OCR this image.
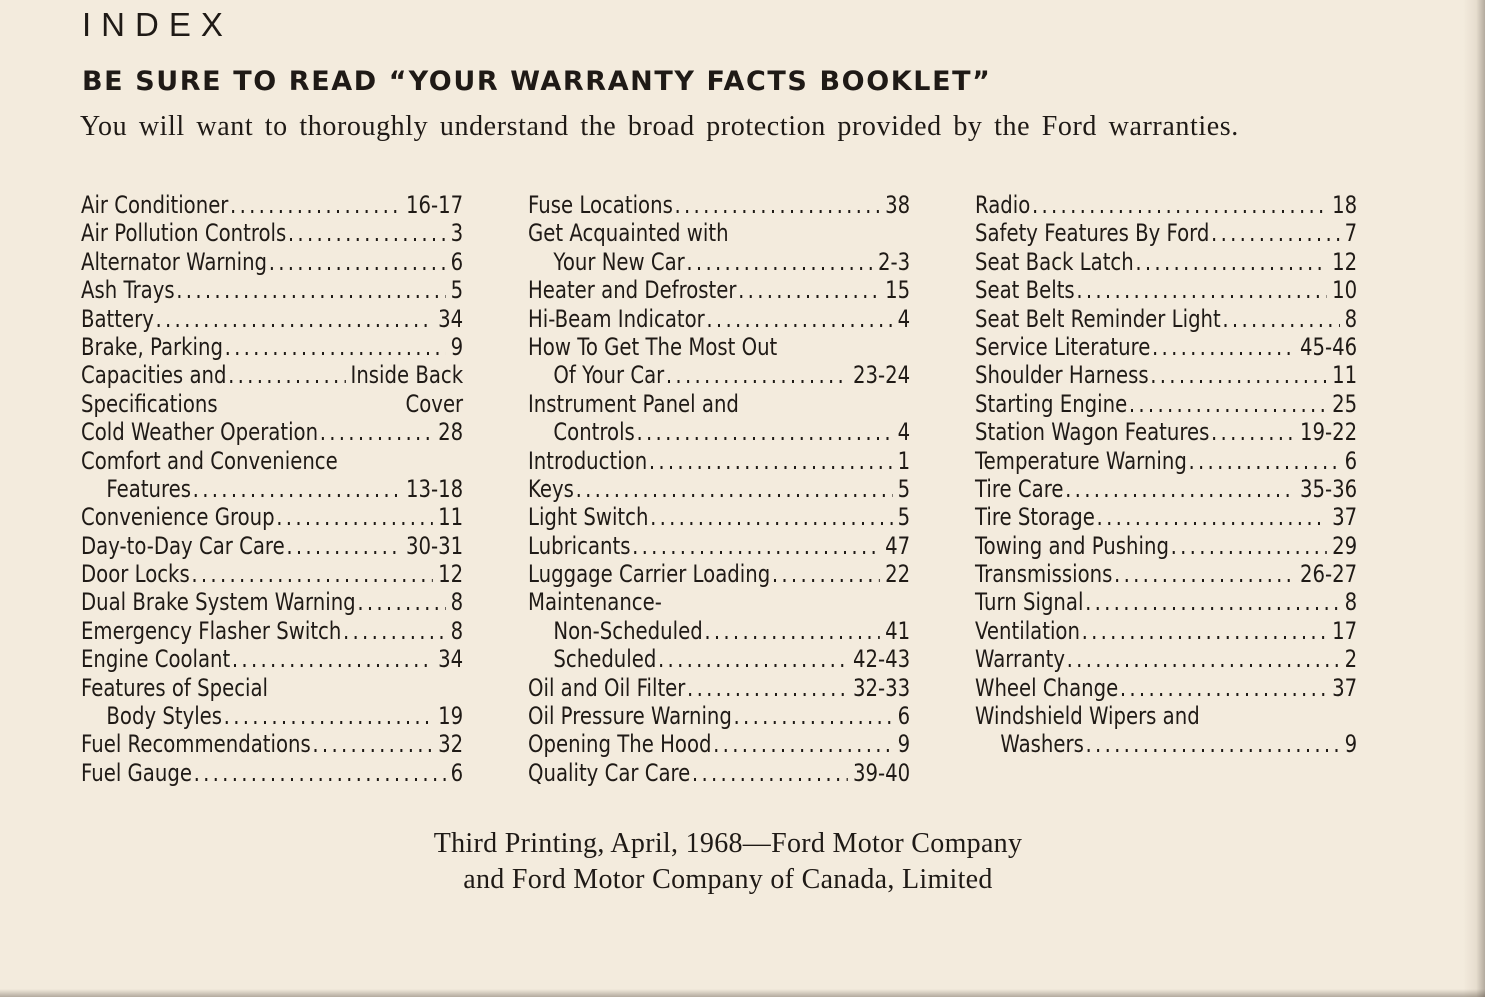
INDEX
BE SURE TO READ “YOUR WARRANTY FACTS BOOKLET”

You will want to thoroughly understand the broad protection provided by the Ford warranties.

Air Conditioner .....	16-17
Air Pollution Controls .....	3
Alternator Warning .....	6
Ash Trays .....	5
Battery .....	34
Brake, Parking .....	9
Capacities and .....	Inside Back
Specifications	Cover
Cold Weather Operation .....	28
Comfort and Convenience
Features .....	13-18
Convenience Group .....	11
Day-to-Day Car Care .....	30-31
Door Locks .....	12
Dual Brake System Warning .....	8
Emergency Flasher Switch .....	8
Engine Coolant .....	34
Features of Special
Body Styles .....	19
Fuel Recommendations .....	32
Fuel Gauge .....	6
Fuse Locations .....	38
Get Acquainted with
Your New Car .....	2-3
Heater and Defroster .....	15
Hi-Beam Indicator .....	4
How To Get The Most Out
Of Your Car .....	23-24
Instrument Panel and
Controls .....	4
Introduction .....	1
Keys .....	5
Light Switch .....	5
Lubricants .....	47
Luggage Carrier Loading .....	22
Maintenance-
Non-Scheduled .....	41
Scheduled .....	42-43
Oil and Oil Filter .....	32-33
Oil Pressure Warning .....	6
Opening The Hood .....	9
Quality Car Care .....	39-40
Radio .....	18
Safety Features By Ford .....	7
Seat Back Latch .....	12
Seat Belts .....	10
Seat Belt Reminder Light .....	8
Service Literature .....	45-46
Shoulder Harness .....	11
Starting Engine .....	25
Station Wagon Features .....	19-22
Temperature Warning .....	6
Tire Care .....	35-36
Tire Storage .....	37
Towing and Pushing .....	29
Transmissions .....	26-27
Turn Signal .....	8
Ventilation .....	17
Warranty .....	2
Wheel Change .....	37
Windshield Wipers and
Washers .....	9
Third Printing, April, 1968—Ford Motor Company
and Ford Motor Company of Canada, Limited
